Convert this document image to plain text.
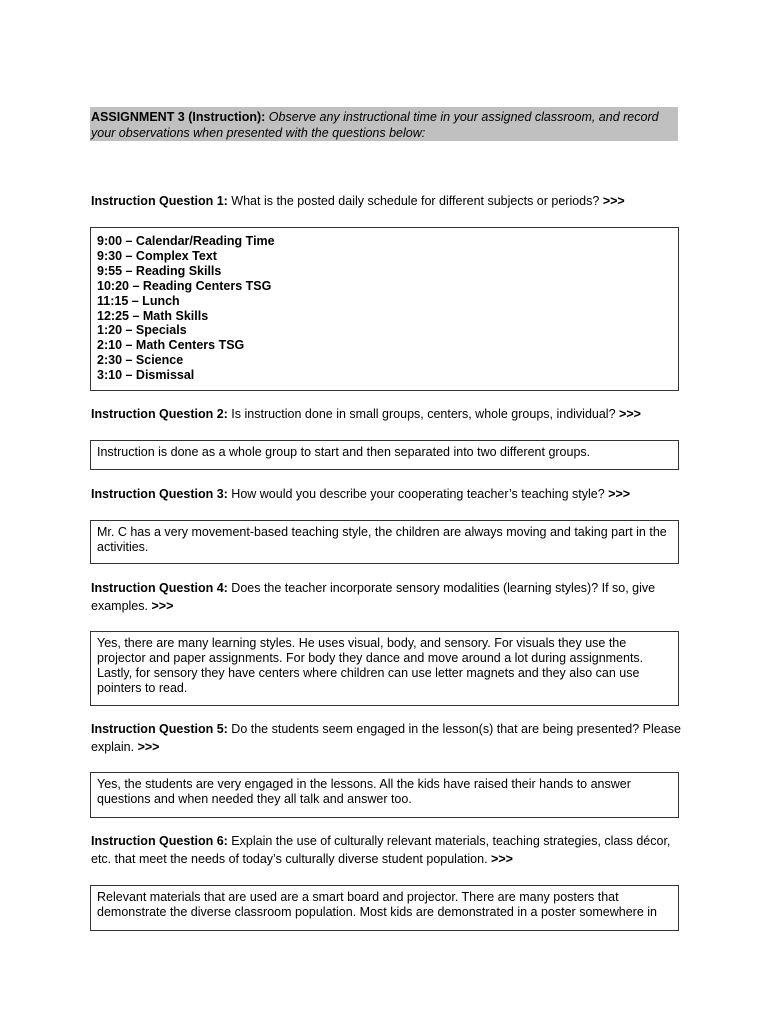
ASSIGNMENT 3 (Instruction): Observe any instructional time in your assigned classroom, and record your observations when presented with the questions below:
Instruction Question 1: What is the posted daily schedule for different subjects or periods? >>>
9:00 – Calendar/Reading Time
9:30 – Complex Text
9:55 – Reading Skills
10:20 – Reading Centers TSG
11:15 – Lunch
12:25 – Math Skills
1:20 – Specials
2:10 – Math Centers TSG
2:30 – Science
3:10 – Dismissal
Instruction Question 2: Is instruction done in small groups, centers, whole groups, individual? >>>
Instruction is done as a whole group to start and then separated into two different groups.
Instruction Question 3: How would you describe your cooperating teacher’s teaching style? >>>
Mr. C has a very movement-based teaching style, the children are always moving and taking part in the activities.
Instruction Question 4: Does the teacher incorporate sensory modalities (learning styles)? If so, give examples. >>>
Yes, there are many learning styles. He uses visual, body, and sensory. For visuals they use the projector and paper assignments. For body they dance and move around a lot during assignments. Lastly, for sensory they have centers where children can use letter magnets and they also can use pointers to read.
Instruction Question 5: Do the students seem engaged in the lesson(s) that are being presented? Please explain. >>>
Yes, the students are very engaged in the lessons. All the kids have raised their hands to answer questions and when needed they all talk and answer too.
Instruction Question 6: Explain the use of culturally relevant materials, teaching strategies, class décor, etc. that meet the needs of today’s culturally diverse student population. >>>
Relevant materials that are used are a smart board and projector. There are many posters that demonstrate the diverse classroom population. Most kids are demonstrated in a poster somewhere in
